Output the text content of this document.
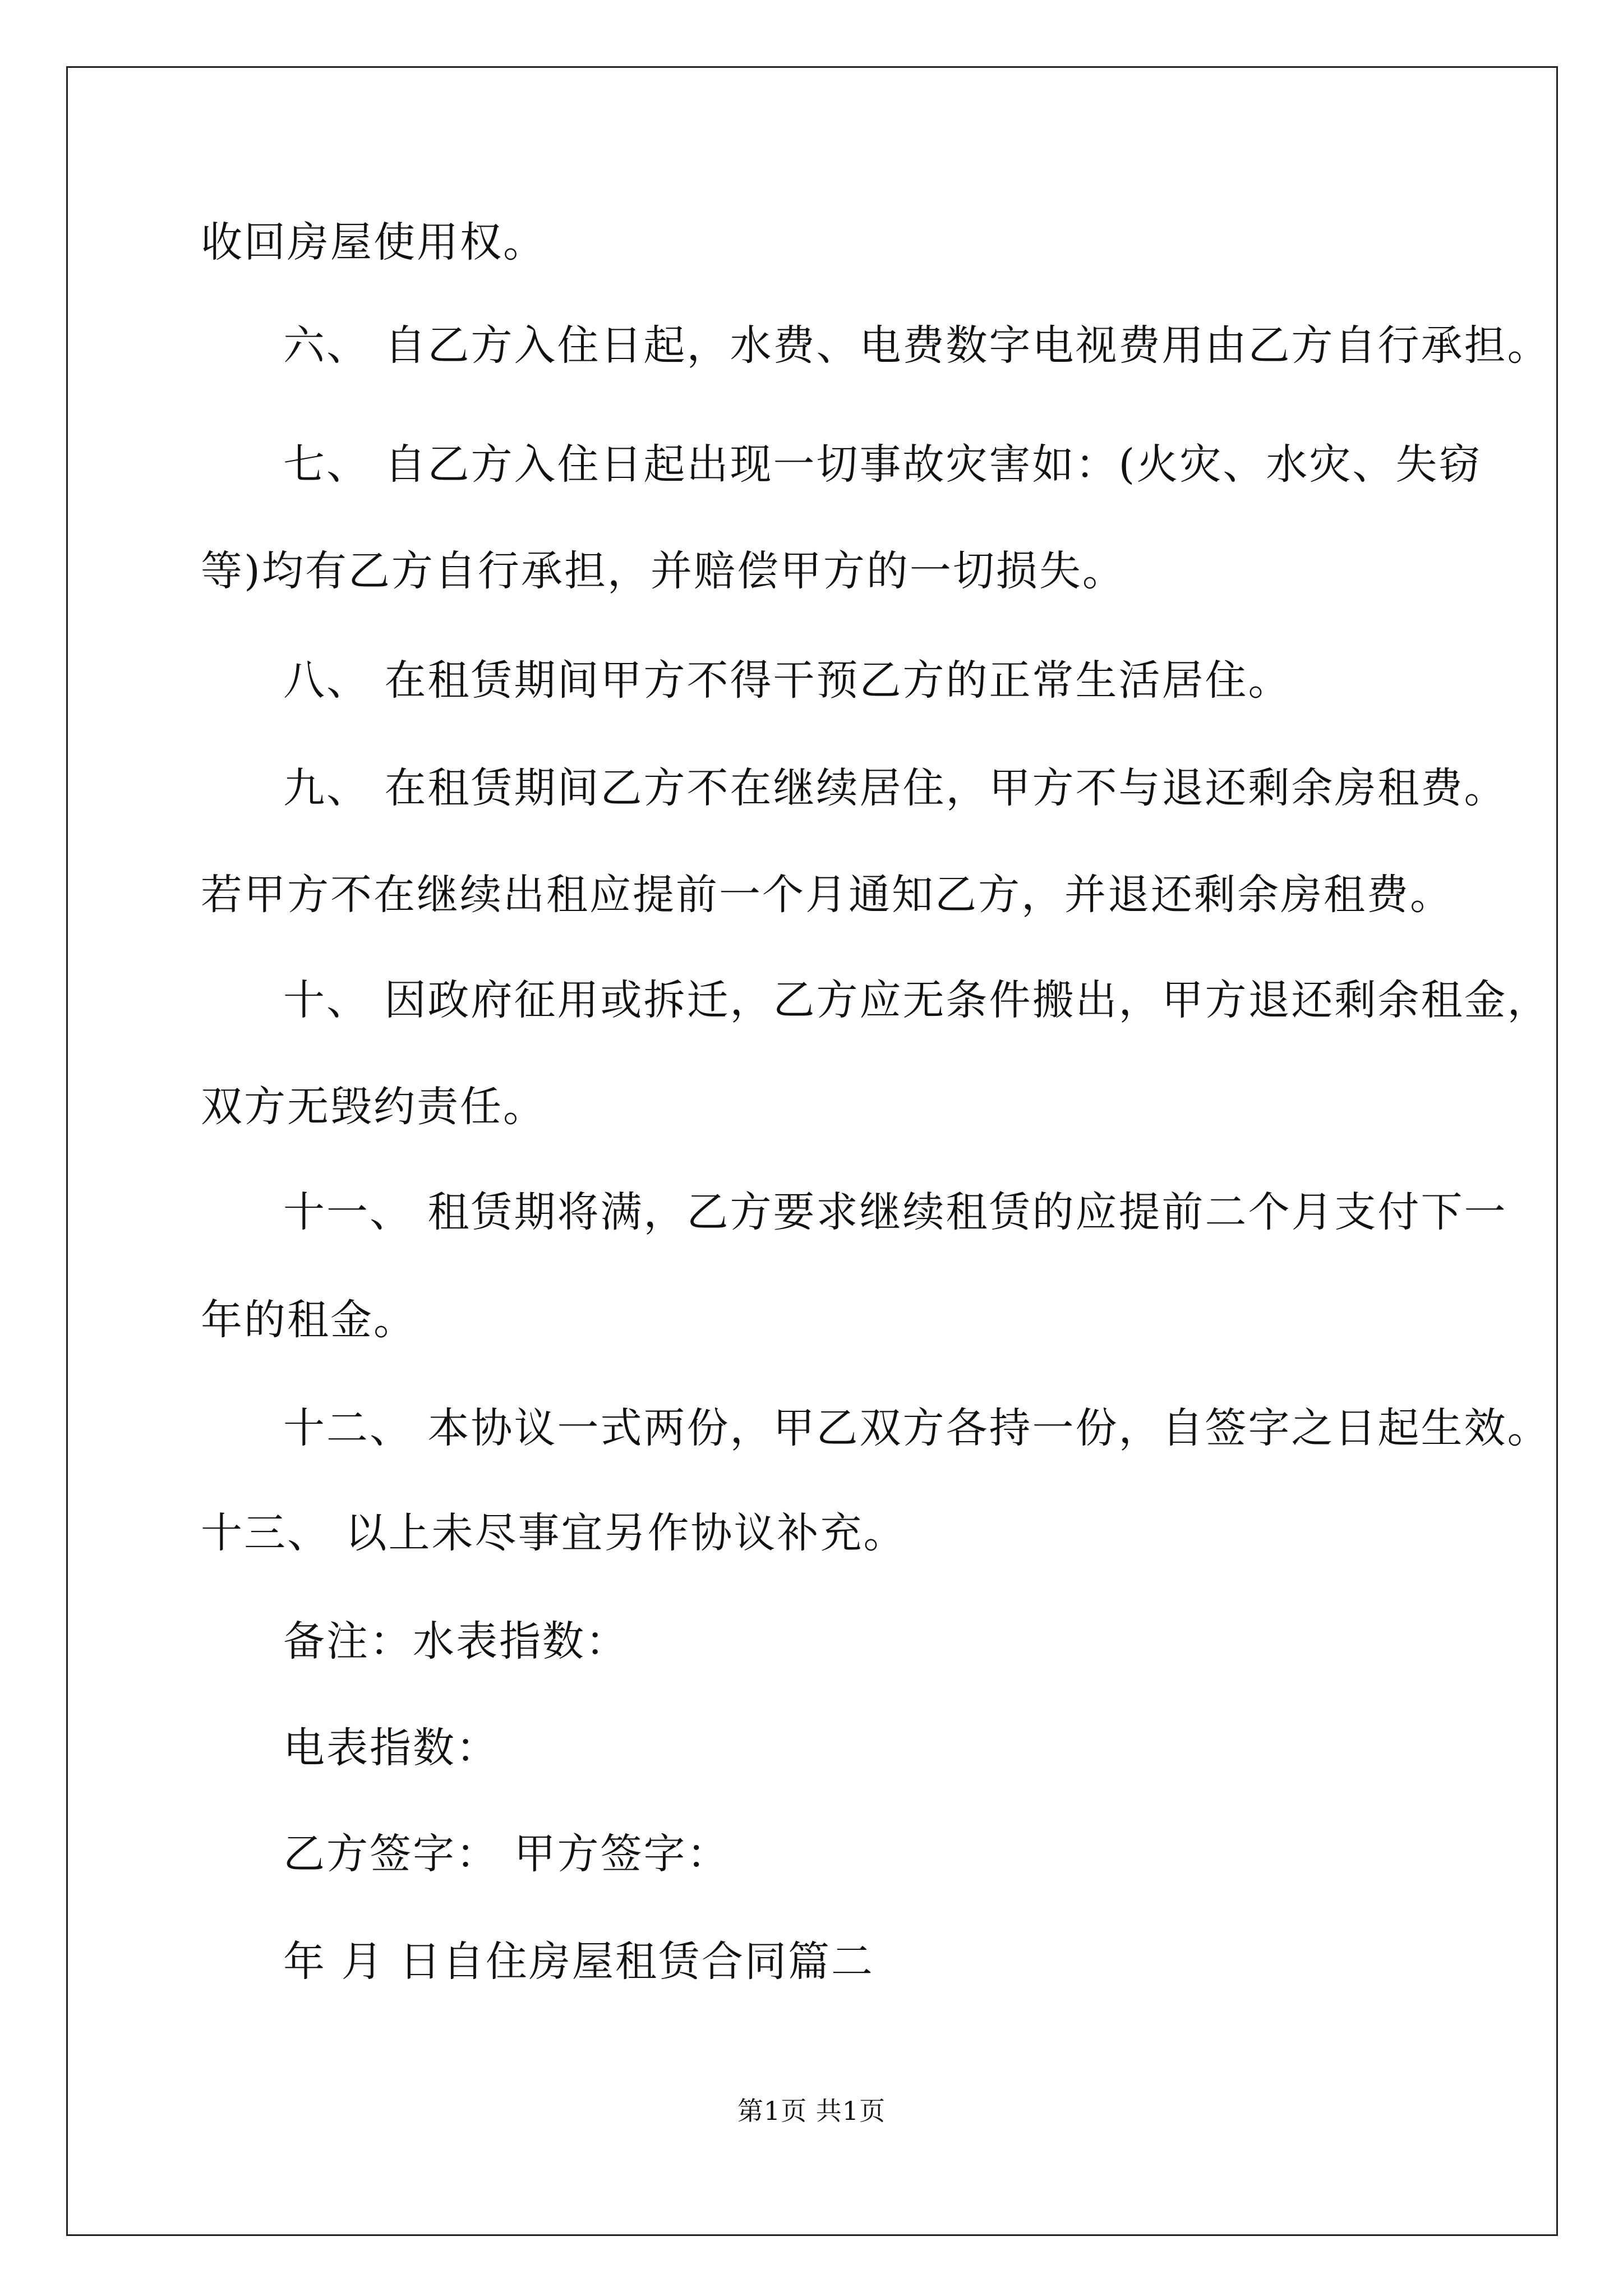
收回房屋使用权。
六、 自乙方入住日起，水费、电费数字电视费用由乙方自行承担。
七、 自乙方入住日起出现一切事故灾害如：(火灾、水灾、失窃
等)均有乙方自行承担，并赔偿甲方的一切损失。
八、 在租赁期间甲方不得干预乙方的正常生活居住。
九、 在租赁期间乙方不在继续居住，甲方不与退还剩余房租费。
若甲方不在继续出租应提前一个月通知乙方，并退还剩余房租费。
十、 因政府征用或拆迁，乙方应无条件搬出，甲方退还剩余租金，
双方无毁约责任。
十一、 租赁期将满，乙方要求继续租赁的应提前二个月支付下一
年的租金。
十二、 本协议一式两份，甲乙双方各持一份，自签字之日起生效。
十三、 以上未尽事宜另作协议补充。
备注：水表指数：
电表指数：
乙方签字： 甲方签字：
年 月 日自住房屋租赁合同篇二
第1页 共1页
